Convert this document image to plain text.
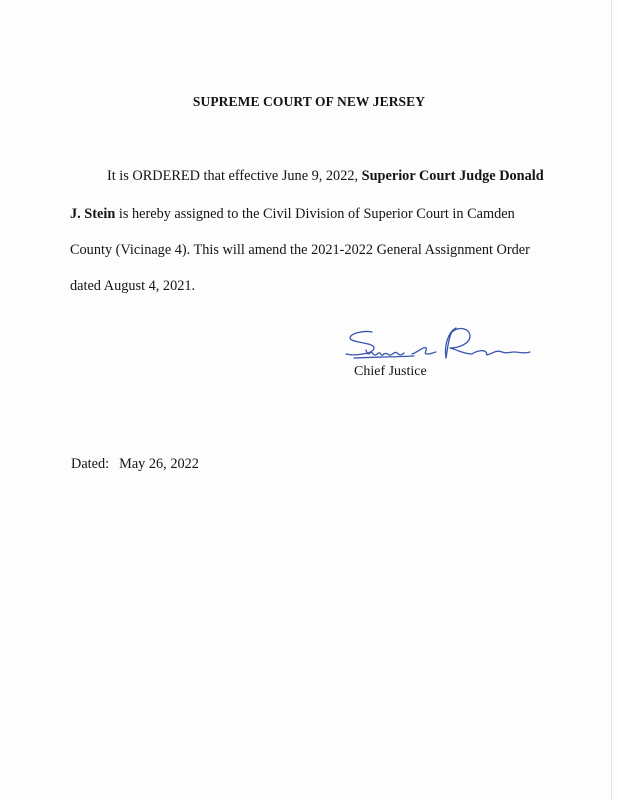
SUPREME COURT OF NEW JERSEY
It is ORDERED that effective June 9, 2022, Superior Court Judge Donald
J. Stein is hereby assigned to the Civil Division of Superior Court in Camden
County (Vicinage 4). This will amend the 2021-2022 General Assignment Order
dated August 4, 2021.
Chief Justice
Dated: May 26, 2022
